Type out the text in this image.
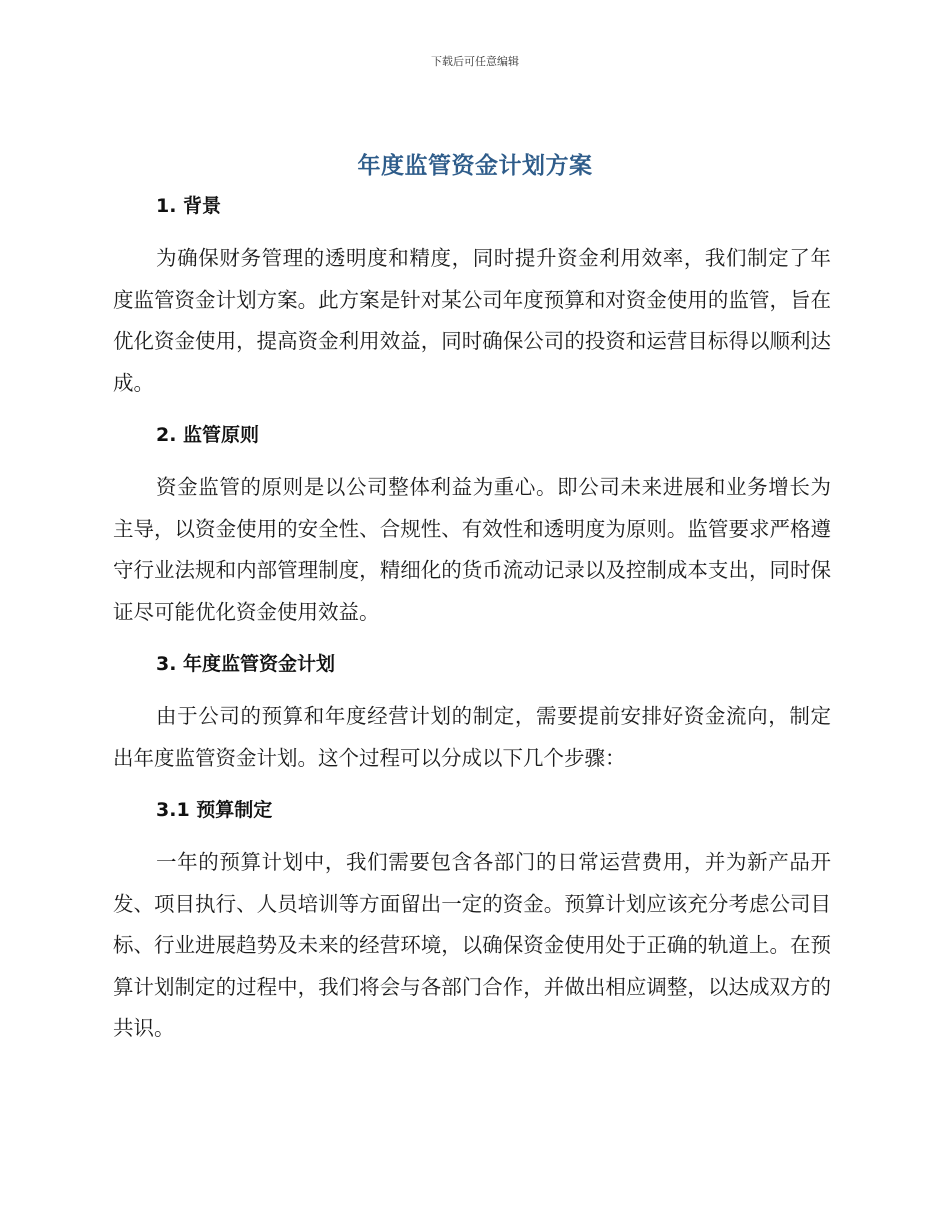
下载后可任意编辑
年度监管资金计划方案

1. 背景

为确保财务管理的透明度和精度，同时提升资金利用效率，我们制定了年度监管资金计划方案。此方案是针对某公司年度预算和对资金使用的监管，旨在优化资金使用，提高资金利用效益，同时确保公司的投资和运营目标得以顺利达成。

2. 监管原则

资金监管的原则是以公司整体利益为重心。即公司未来进展和业务增长为主导，以资金使用的安全性、合规性、有效性和透明度为原则。监管要求严格遵守行业法规和内部管理制度，精细化的货币流动记录以及控制成本支出，同时保证尽可能优化资金使用效益。

3. 年度监管资金计划

由于公司的预算和年度经营计划的制定，需要提前安排好资金流向，制定出年度监管资金计划。这个过程可以分成以下几个步骤：

3.1 预算制定

一年的预算计划中，我们需要包含各部门的日常运营费用，并为新产品开发、项目执行、人员培训等方面留出一定的资金。预算计划应该充分考虑公司目标、行业进展趋势及未来的经营环境，以确保资金使用处于正确的轨道上。在预算计划制定的过程中，我们将会与各部门合作，并做出相应调整，以达成双方的共识。
